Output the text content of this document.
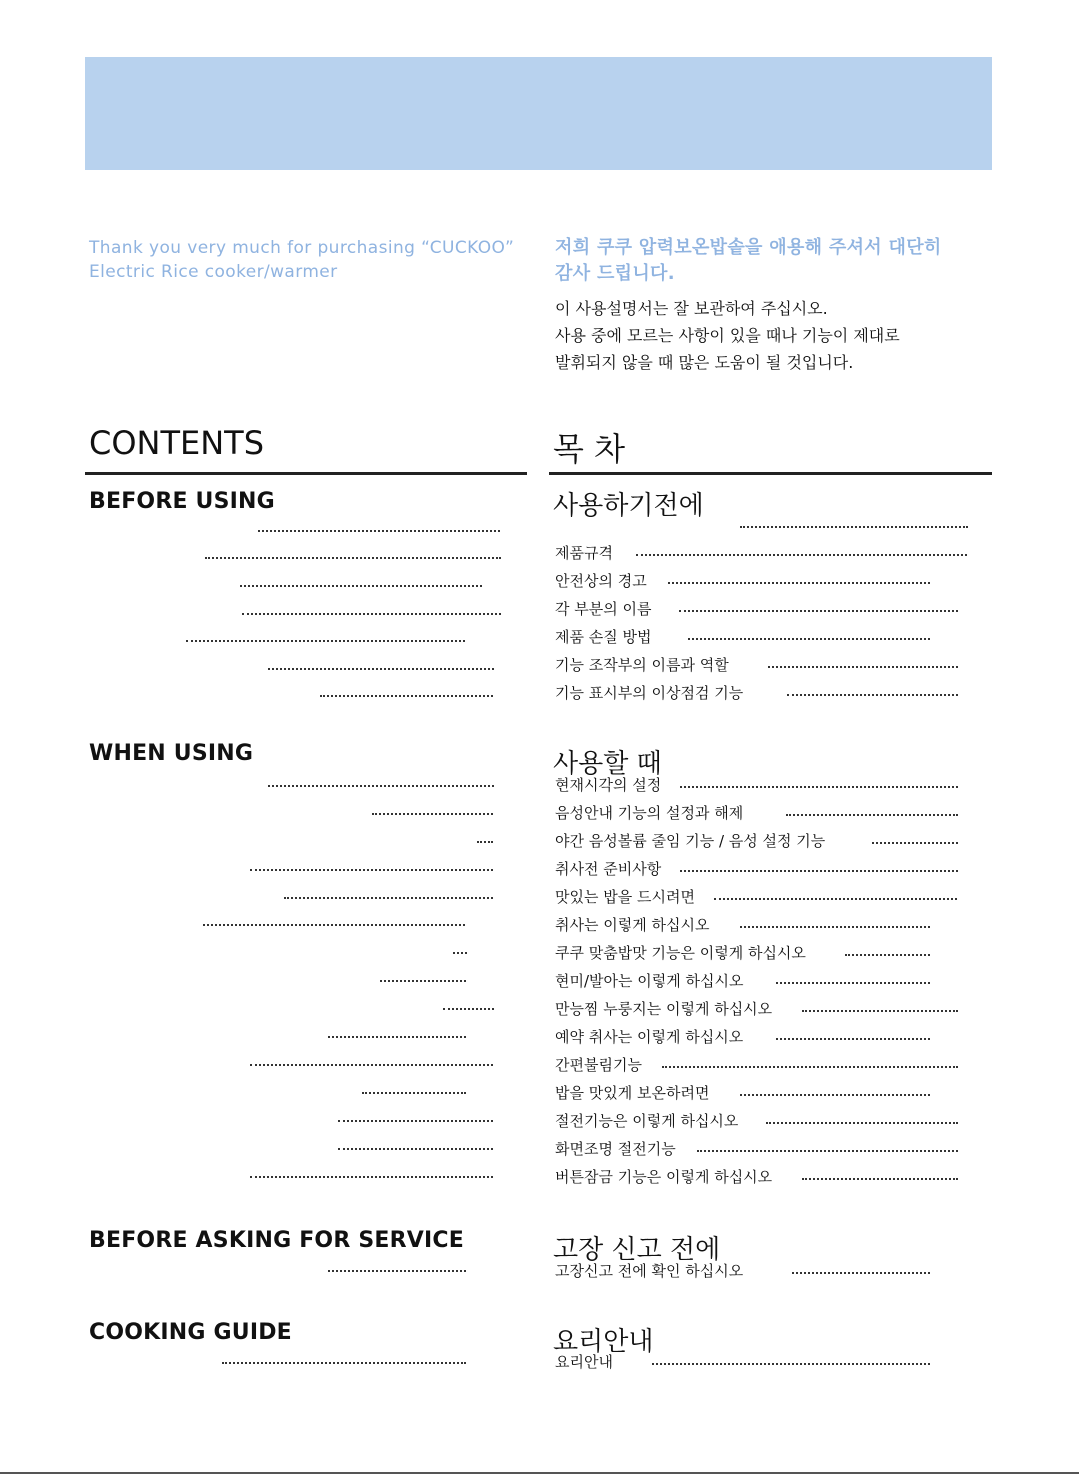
Thank you very much for purchasing “CUCKOO”
Electric Rice cooker/warmer
저희 쿠쿠 압력보온밥솥을 애용해 주셔서 대단히
감사 드립니다.
이 사용설명서는 잘 보관하여 주십시오.
사용 중에 모르는 사항이 있을 때나 기능이 제대로
발휘되지 않을 때 많은 도움이 될 것입니다.
CONTENTS	목 차
BEFORE USING	사용하기전에
제품규격
안전상의 경고
각 부분의 이름
제품 손질 방법
기능 조작부의 이름과 역할
기능 표시부의 이상점검 기능
WHEN USING	사용할 때
현재시각의 설정
음성안내 기능의 설정과 해제
야간 음성볼륨 줄임 기능 / 음성 설정 기능
취사전 준비사항
맛있는 밥을 드시려면
취사는 이렇게 하십시오
쿠쿠 맞춤밥맛 기능은 이렇게 하십시오
현미/발아는 이렇게 하십시오
만능찜 누룽지는 이렇게 하십시오
예약 취사는 이렇게 하십시오
간편불림기능
밥을 맛있게 보온하려면
절전기능은 이렇게 하십시오
화면조명 절전기능
버튼잠금 기능은 이렇게 하십시오
BEFORE ASKING FOR SERVICE	고장 신고 전에
고장신고 전에 확인 하십시오
COOKING GUIDE	요리안내
요리안내
